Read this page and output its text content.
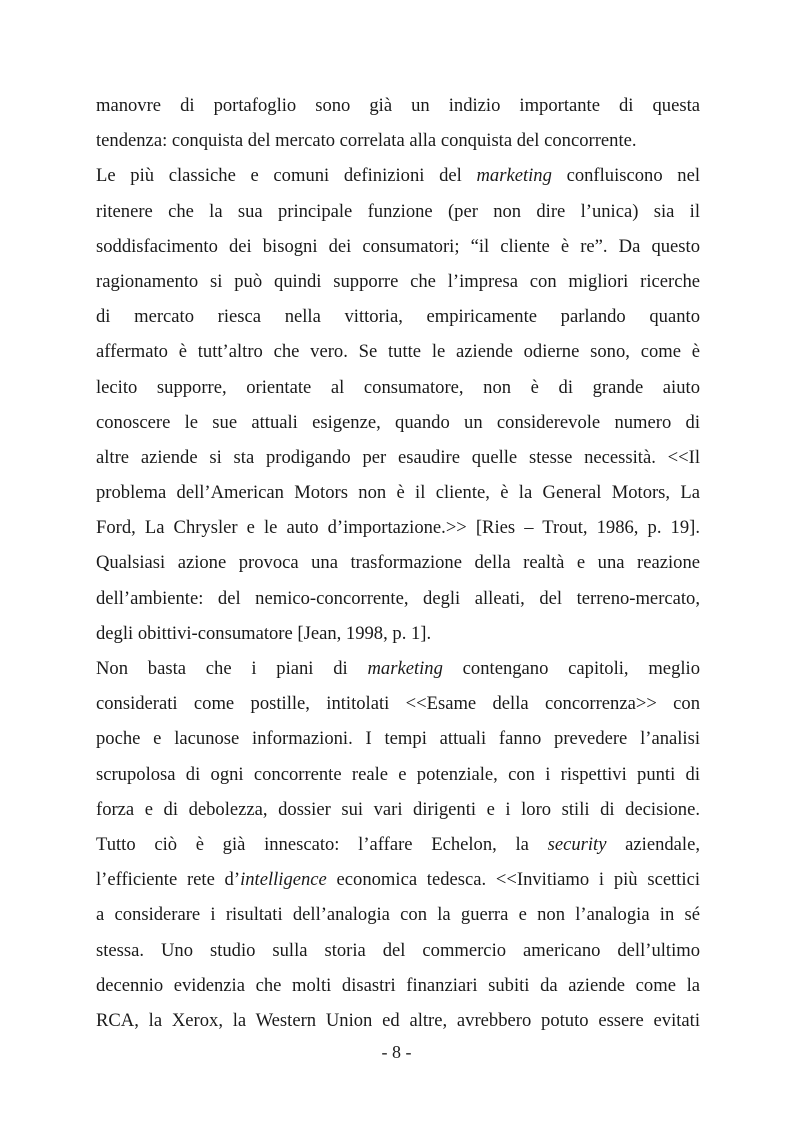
manovre di portafoglio sono già un indizio importante di questa
tendenza: conquista del mercato correlata alla conquista del concorrente.
Le più classiche e comuni definizioni del marketing confluiscono nel
ritenere che la sua principale funzione (per non dire l’unica) sia il
soddisfacimento dei bisogni dei consumatori; “il cliente è re”. Da questo
ragionamento si può quindi supporre che l’impresa con migliori ricerche
di mercato riesca nella vittoria, empiricamente parlando quanto
affermato è tutt’altro che vero. Se tutte le aziende odierne sono, come è
lecito supporre, orientate al consumatore, non è di grande aiuto
conoscere le sue attuali esigenze, quando un considerevole numero di
altre aziende si sta prodigando per esaudire quelle stesse necessità. <<Il
problema dell’American Motors non è il cliente, è la General Motors, La
Ford, La Chrysler e le auto d’importazione.>> [Ries – Trout, 1986, p. 19].
Qualsiasi azione provoca una trasformazione della realtà e una reazione
dell’ambiente: del nemico-concorrente, degli alleati, del terreno-mercato,
degli obittivi-consumatore [Jean, 1998, p. 1].
Non basta che i piani di marketing contengano capitoli, meglio
considerati come postille, intitolati <<Esame della concorrenza>> con
poche e lacunose informazioni. I tempi attuali fanno prevedere l’analisi
scrupolosa di ogni concorrente reale e potenziale, con i rispettivi punti di
forza e di debolezza, dossier sui vari dirigenti e i loro stili di decisione.
Tutto ciò è già innescato: l’affare Echelon, la security aziendale,
l’efficiente rete d’intelligence economica tedesca. <<Invitiamo i più scettici
a considerare i risultati dell’analogia con la guerra e non l’analogia in sé
stessa. Uno studio sulla storia del commercio americano dell’ultimo
decennio evidenzia che molti disastri finanziari subiti da aziende come la
RCA, la Xerox, la Western Union ed altre, avrebbero potuto essere evitati
- 8 -
